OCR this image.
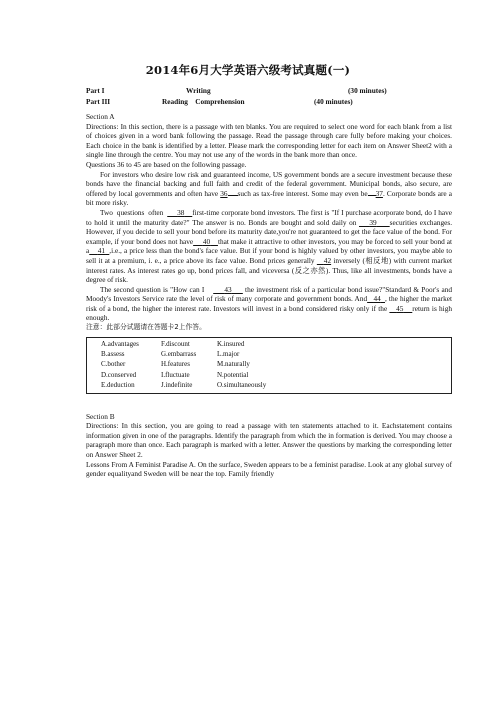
2014年6月大学英语六级考试真题(一)
Part I	Writing	(30 minutes)
Part III	Reading    Comprehension	(40 minutes)

Section A

Directions: In this section, there is a passage with ten blanks. You are required to select one word for each blank from a list of choices given in a word bank following the passage. Read the passage through care fully before making your choices. Each choice in the bank is identified by a letter. Please mark the corresponding letter for each item on Answer Sheet2 with a single line through the centre. You may not use any of the words in the bank more than once.

Questions 36 to 45 are based on the following passage.

For investors who desire low risk and guaranteed income, US government bonds are a secure investment because these bonds have the financial backing and full faith and credit of the federal government. Municipal bonds, also secure, are offered by local governments and often have 36 such as tax-free interest. Some may even be 37. Corporate bonds are a bit more risky.

Two  questions  often       38 first-time corporate bond investors. The first is "If I purchase acorporate bond, do I have to hold it until the maturity date?" The answer is no. Bonds are bought and sold daily on     39 securities exchanges. However, if you decide to sell your bond before its maturity date,you're not guaranteed to get the face value of the bond. For example, if your bond does not have 40 that make it attractive to other investors, you may be forced to sell your bond at a 41 ,i.e., a price less than the bond's face value. But if your bond is highly valued by other investors, you maybe able to sell it at a premium, i. e., a price above its face value. Bond prices generally    42 inversely (相反地) with current market interest rates. As interest rates go up, bond prices fall, and viceversa (反之亦然). Thus, like all investments, bonds have a degree of risk.

The second question is "How can I         43      the investment risk of a particular bond issue?"Standard & Poor's and Moody's Investors Service rate the level of risk of many corporate and government bonds. And 44 , the higher the market risk of a bond, the higher the interest rate. Investors will invest in a bond considered risky only if the    45 return is high enough.

注意：此部分试题请在答题卡2上作答。

A.advantages	F.discount	K.insured
B.assess	G.embarrass	L.major
C.bother	H.features	M.naturally
D.conserved	I.fluctuate	N.potential
E.deduction	J.indefinite	O.simultaneously

Section B

Directions: In this section, you are going to read a passage with ten statements attached to it. Eachstatement contains information given in one of the paragraphs. Identify the paragraph from which the in formation is derived. You may choose a paragraph more than once. Each paragraph is marked with a letter. Answer the questions by marking the corresponding letter on Answer Sheet 2.

Lessons From A Feminist Paradise A. On the surface, Sweden appears to be a feminist paradise. Look at any global survey of gender equalityand Sweden will be near the top. Family friendly
